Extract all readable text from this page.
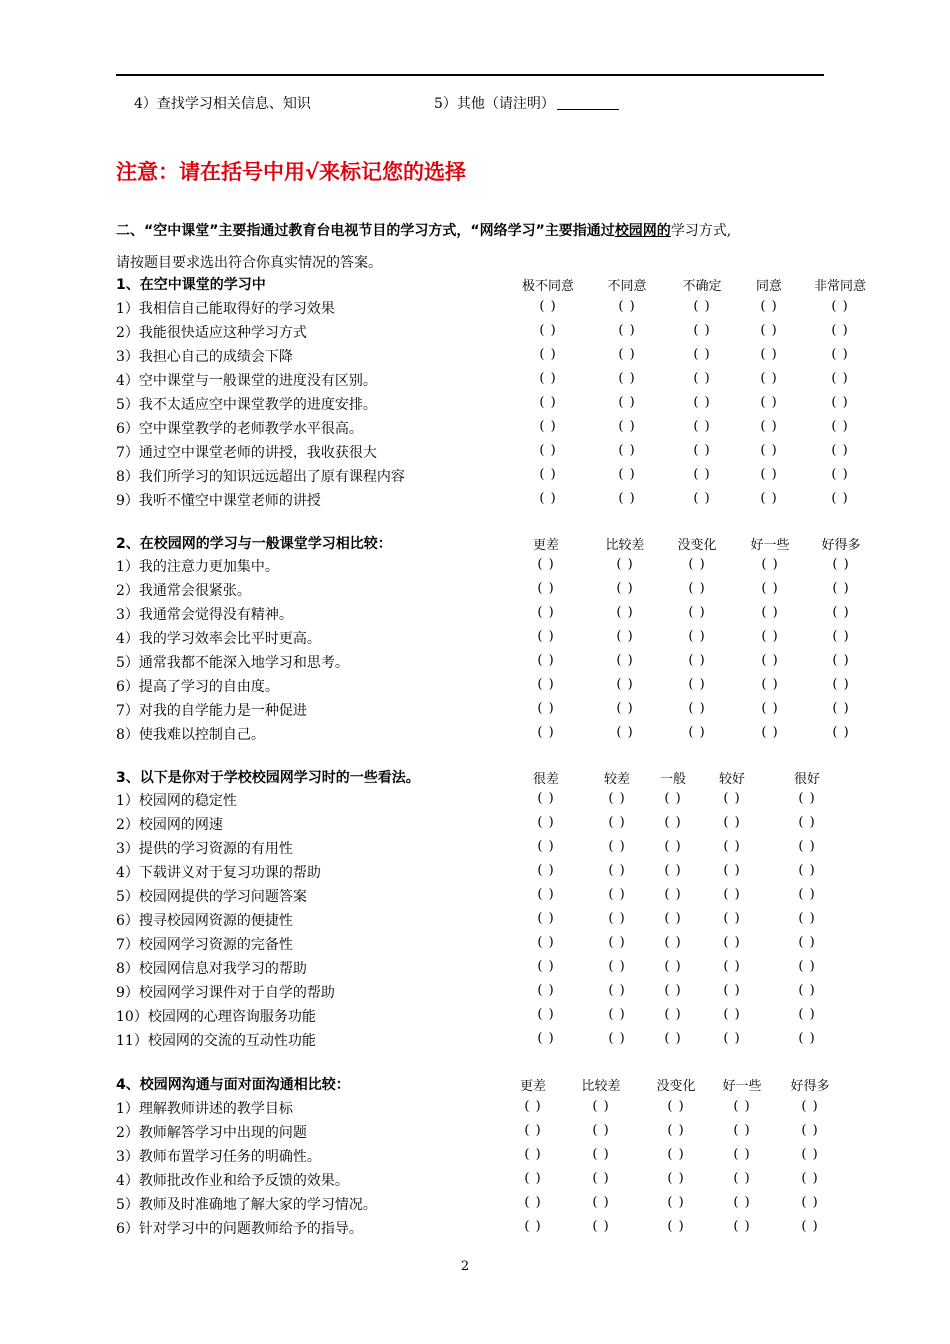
4）查找学习相关信息、知识	5）其他（请注明）
注意：请在括号中用√来标记您的选择
二、“空中课堂”主要指通过教育台电视节目的学习方式，“网络学习”主要指通过校园网的学习方式,
请按题目要求选出符合你真实情况的答案。
1、在空中课堂的学习中	极不同意	不同意	不确定	同意 非常同意
1）我相信自己能取得好的学习效果	( )	( )	( )	( )	( )
2）我能很快适应这种学习方式	( )	( )	( )	( )	( )
3）我担心自己的成绩会下降	( )	( )	( )	( )	( )
4）空中课堂与一般课堂的进度没有区别。	( )	( )	( )	( )	( )
5）我不太适应空中课堂教学的进度安排。	( )	( )	( )	( )	( )
6）空中课堂教学的老师教学水平很高。	( )	( )	( )	( )	( )
7）通过空中课堂老师的讲授，我收获很大	( )	( )	( )	( )	( )
8）我们所学习的知识远远超出了原有课程内容	( )	( )	( )	( )	( )
9）我听不懂空中课堂老师的讲授	( )	( )	( )	( )	( )
2、在校园网的学习与一般课堂学习相比较：	更差	比较差	没变化	好一些 好得多
1）我的注意力更加集中。	( )	( )	( )	( )	( )
2）我通常会很紧张。	( )	( )	( )	( )	( )
3）我通常会觉得没有精神。	( )	( )	( )	( )	( )
4）我的学习效率会比平时更高。	( )	( )	( )	( )	( )
5）通常我都不能深入地学习和思考。	( )	( )	( )	( )	( )
6）提高了学习的自由度。	( )	( )	( )	( )	( )
7）对我的自学能力是一种促进	( )	( )	( )	( )	( )
8）使我难以控制自己。	( )	( )	( )	( )	( )
3、以下是你对于学校校园网学习时的一些看法。	很差	较差 一般	较好	很好
1）校园网的稳定性	( )	( )	( )	( )	( )
2）校园网的网速	( )	( )	( )	( )	( )
3）提供的学习资源的有用性	( )	( )	( )	( )	( )
4）下载讲义对于复习功课的帮助	( )	( )	( )	( )	( )
5）校园网提供的学习问题答案	( )	( )	( )	( )	( )
6）搜寻校园网资源的便捷性	( )	( )	( )	( )	( )
7）校园网学习资源的完备性	( )	( )	( )	( )	( )
8）校园网信息对我学习的帮助	( )	( )	( )	( )	( )
9）校园网学习课件对于自学的帮助	( )	( )	( )	( )	( )
10）校园网的心理咨询服务功能	( )	( )	( )	( )	( )
11）校园网的交流的互动性功能	( )	( )	( )	( )	( )
4、校园网沟通与面对面沟通相比较：	更差	比较差	没变化 好一些 好得多
1）理解教师讲述的教学目标	( )	( )	( )	( )	( )
2）教师解答学习中出现的问题	( )	( )	( )	( )	( )
3）教师布置学习任务的明确性。	( )	( )	( )	( )	( )
4）教师批改作业和给予反馈的效果。	( )	( )	( )	( )	( )
5）教师及时准确地了解大家的学习情况。	( )	( )	( )	( )	( )
6）针对学习中的问题教师给予的指导。	( )	( )	( )	( )	( )
2
